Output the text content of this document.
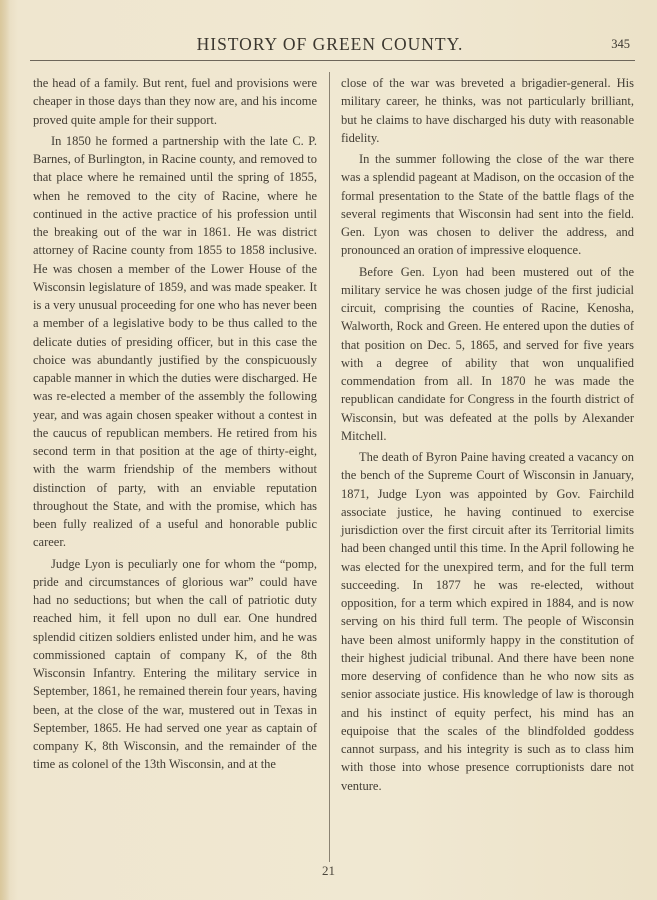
HISTORY OF GREEN COUNTY.	345

the head of a family. But rent, fuel and provisions were cheaper in those days than they now are, and his income proved quite ample for their support.

In 1850 he formed a partnership with the late C. P. Barnes, of Burlington, in Racine county, and removed to that place where he remained until the spring of 1855, when he removed to the city of Racine, where he continued in the active practice of his profession until the breaking out of the war in 1861. He was district attorney of Racine county from 1855 to 1858 inclusive. He was chosen a member of the Lower House of the Wisconsin legislature of 1859, and was made speaker. It is a very unusual proceeding for one who has never been a member of a legislative body to be thus called to the delicate duties of presiding officer, but in this case the choice was abundantly justified by the conspicuously capable manner in which the duties were discharged. He was re-elected a member of the assembly the following year, and was again chosen speaker without a contest in the caucus of republican members. He retired from his second term in that position at the age of thirty-eight, with the warm friendship of the members without distinction of party, with an enviable reputation throughout the State, and with the promise, which has been fully realized of a useful and honorable public career.

Judge Lyon is peculiarly one for whom the “pomp, pride and circumstances of glorious war” could have had no seductions; but when the call of patriotic duty reached him, it fell upon no dull ear. One hundred splendid citizen soldiers enlisted under him, and he was commissioned captain of company K, of the 8th Wisconsin Infantry. Entering the military service in September, 1861, he remained therein four years, having been, at the close of the war, mustered out in Texas in September, 1865. He had served one year as captain of company K, 8th Wisconsin, and the remainder of the time as colonel of the 13th Wisconsin, and at the

close of the war was breveted a brigadier-general. His military career, he thinks, was not particularly brilliant, but he claims to have discharged his duty with reasonable fidelity.

In the summer following the close of the war there was a splendid pageant at Madison, on the occasion of the formal presentation to the State of the battle flags of the several regiments that Wisconsin had sent into the field. Gen. Lyon was chosen to deliver the address, and pronounced an oration of impressive eloquence.

Before Gen. Lyon had been mustered out of the military service he was chosen judge of the first judicial circuit, comprising the counties of Racine, Kenosha, Walworth, Rock and Green. He entered upon the duties of that position on Dec. 5, 1865, and served for five years with a degree of ability that won unqualified commendation from all. In 1870 he was made the republican candidate for Congress in the fourth district of Wisconsin, but was defeated at the polls by Alexander Mitchell.

The death of Byron Paine having created a vacancy on the bench of the Supreme Court of Wisconsin in January, 1871, Judge Lyon was appointed by Gov. Fairchild associate justice, he having continued to exercise jurisdiction over the first circuit after its Territorial limits had been changed until this time. In the April following he was elected for the unexpired term, and for the full term succeeding. In 1877 he was re-elected, without opposition, for a term which expired in 1884, and is now serving on his third full term. The people of Wisconsin have been almost uniformly happy in the constitution of their highest judicial tribunal. And there have been none more deserving of confidence than he who now sits as senior associate justice. His knowledge of law is thorough and his instinct of equity perfect, his mind has an equipoise that the scales of the blindfolded goddess cannot surpass, and his integrity is such as to class him with those into whose presence corruptionists dare not venture.

21
